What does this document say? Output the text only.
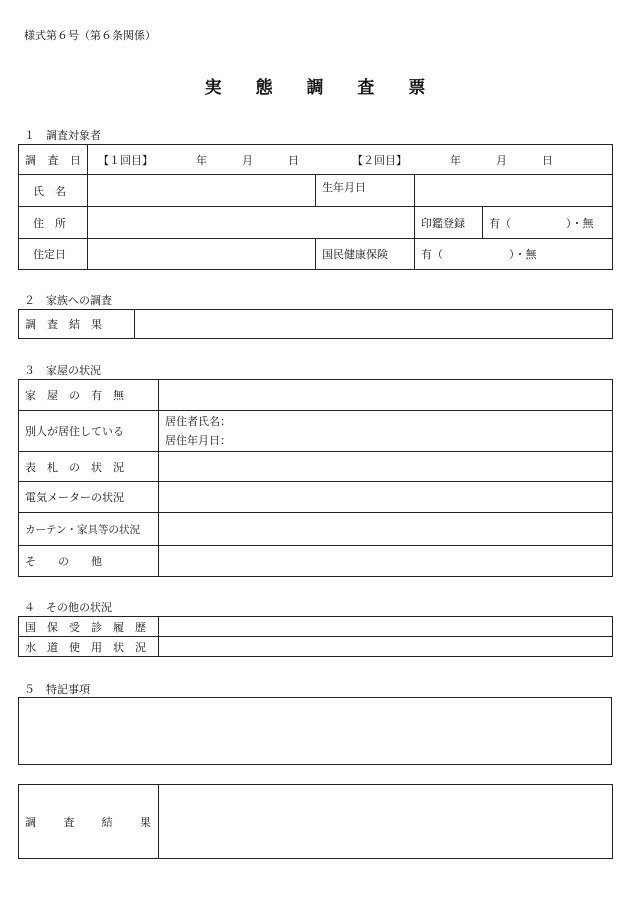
様式第６号（第６条関係）
実 態 調 査 票
１　調査対象者
調査日	【１回目】 年 月 日 【２回目】 年 月 日			
氏　名		生年月日		
住　所			印鑑登録	有（　　　　　）・無
住定日		国民健康保険	有（　　　　　　）・無	
２　家族への調査
調　査　結　果	
３　家屋の状況
家　屋　の　有　無	
別人が居住している	居住者氏名：
居住年月日：

表　札　の　状　況	
電気メーターの状況	
カーテン・家具等の状況	
そ　　の　　他	
４　その他の状況
国　保　受　診　履　歴	
水　道　使　用　状　況	
５　特記事項
調　査　結　果	
